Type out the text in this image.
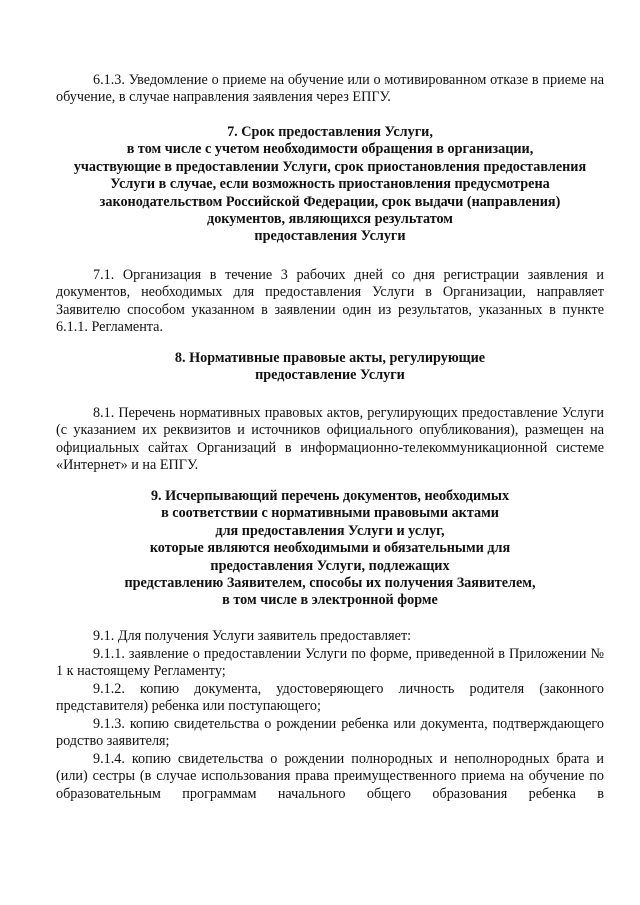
6.1.3. Уведомление о приеме на обучение или о мотивированном отказе в приеме на обучение, в случае направления заявления через ЕПГУ.

7. Срок предоставления Услуги,
в том числе с учетом необходимости обращения в организации,
участвующие в предоставлении Услуги, срок приостановления предоставления
Услуги в случае, если возможность приостановления предусмотрена
законодательством Российской Федерации, срок выдачи (направления)
документов, являющихся результатом
предоставления Услуги

7.1. Организация в течение 3 рабочих дней со дня регистрации заявления и документов, необходимых для предоставления Услуги в Организации, направляет Заявителю способом указанном в заявлении один из результатов, указанных в пункте 6.1.1. Регламента.

8. Нормативные правовые акты, регулирующие
предоставление Услуги

8.1. Перечень нормативных правовых актов, регулирующих предоставление Услуги (с указанием их реквизитов и источников официального опубликования), размещен на официальных сайтах Организаций в информационно-телекоммуникационной системе «Интернет» и на ЕПГУ.

9. Исчерпывающий перечень документов, необходимых
в соответствии с нормативными правовыми актами
для предоставления Услуги и услуг,
которые являются необходимыми и обязательными для
предоставления Услуги, подлежащих
представлению Заявителем, способы их получения Заявителем,
в том числе в электронной форме

9.1. Для получения Услуги заявитель предоставляет:

9.1.1. заявление о предоставлении Услуги по форме, приведенной в Приложении № 1 к настоящему Регламенту;

9.1.2. копию документа, удостоверяющего личность родителя (законного представителя) ребенка или поступающего;

9.1.3. копию свидетельства о рождении ребенка или документа, подтверждающего родство заявителя;

9.1.4. копию свидетельства о рождении полнородных и неполнородных брата и (или) сестры (в случае использования права преимущественного приема на обучение по образовательным программам начального общего образования ребенка в
